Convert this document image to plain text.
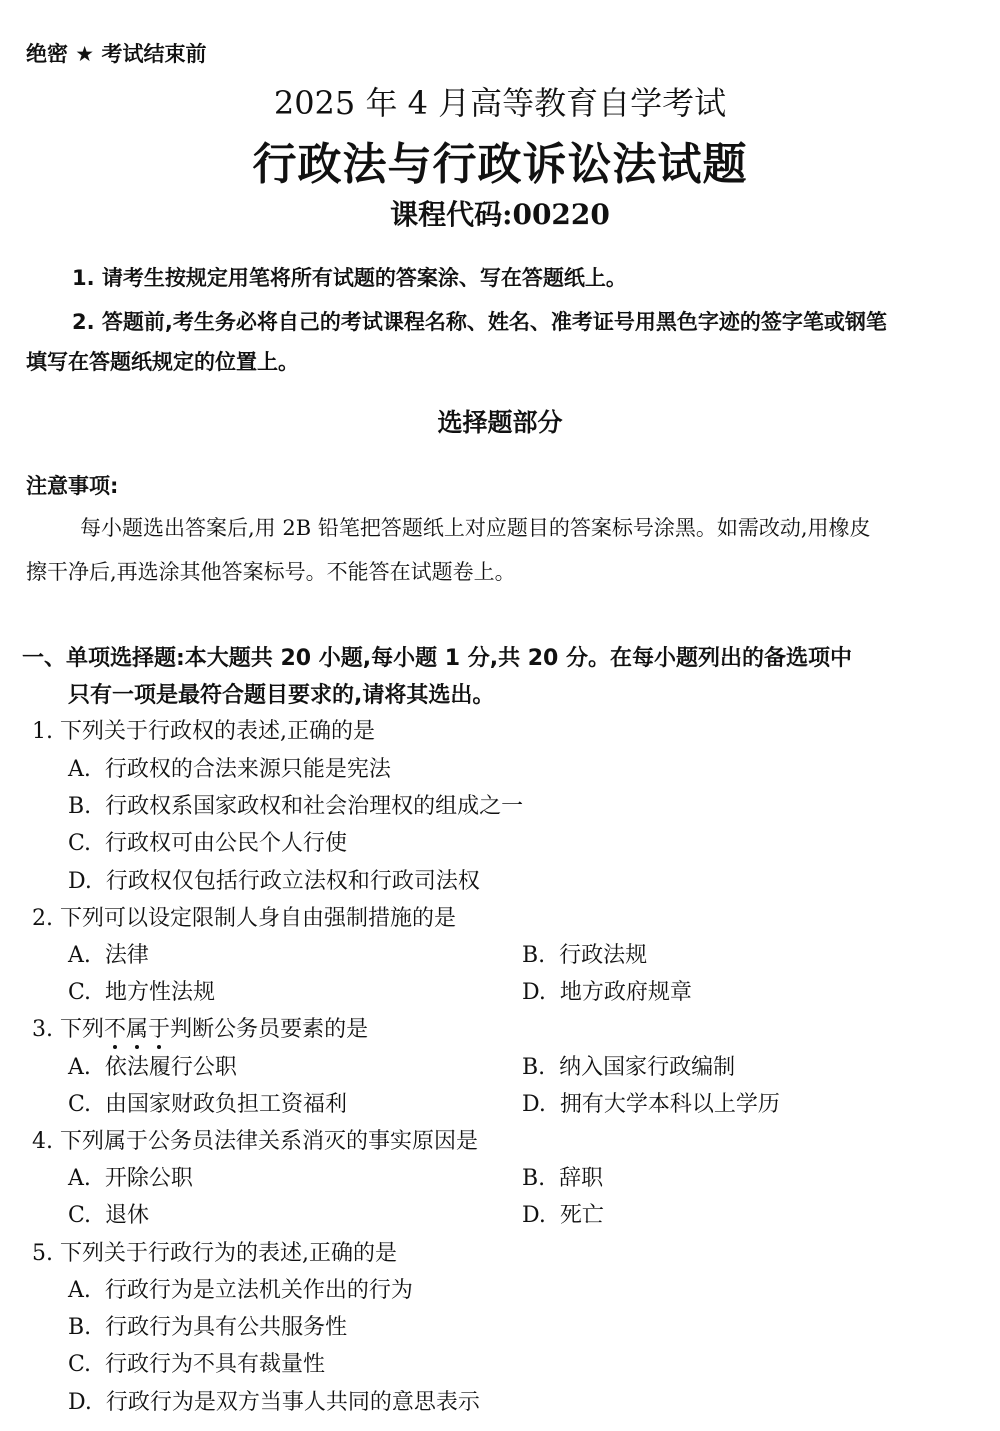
绝密 ★ 考试结束前
2025 年 4 月高等教育自学考试
行政法与行政诉讼法试题
课程代码:00220
1. 请考生按规定用笔将所有试题的答案涂、写在答题纸上。
2. 答题前,考生务必将自己的考试课程名称、姓名、准考证号用黑色字迹的签字笔或钢笔
填写在答题纸规定的位置上。
选择题部分
注意事项:
每小题选出答案后,用 2B 铅笔把答题纸上对应题目的答案标号涂黑。如需改动,用橡皮
擦干净后,再选涂其他答案标号。不能答在试题卷上。
一、单项选择题:本大题共 20 小题,每小题 1 分,共 20 分。在每小题列出的备选项中
只有一项是最符合题目要求的,请将其选出。
1. 下列关于行政权的表述,正确的是
A. 行政权的合法来源只能是宪法
B. 行政权系国家政权和社会治理权的组成之一
C. 行政权可由公民个人行使
D. 行政权仅包括行政立法权和行政司法权
2. 下列可以设定限制人身自由强制措施的是
A. 法律	B. 行政法规
C. 地方性法规	D. 地方政府规章
3. 下列不属于判断公务员要素的是
A. 依法履行公职	B. 纳入国家行政编制
C. 由国家财政负担工资福利	D. 拥有大学本科以上学历
4. 下列属于公务员法律关系消灭的事实原因是
A. 开除公职	B. 辞职
C. 退休	D. 死亡
5. 下列关于行政行为的表述,正确的是
A. 行政行为是立法机关作出的行为
B. 行政行为具有公共服务性
C. 行政行为不具有裁量性
D. 行政行为是双方当事人共同的意思表示
